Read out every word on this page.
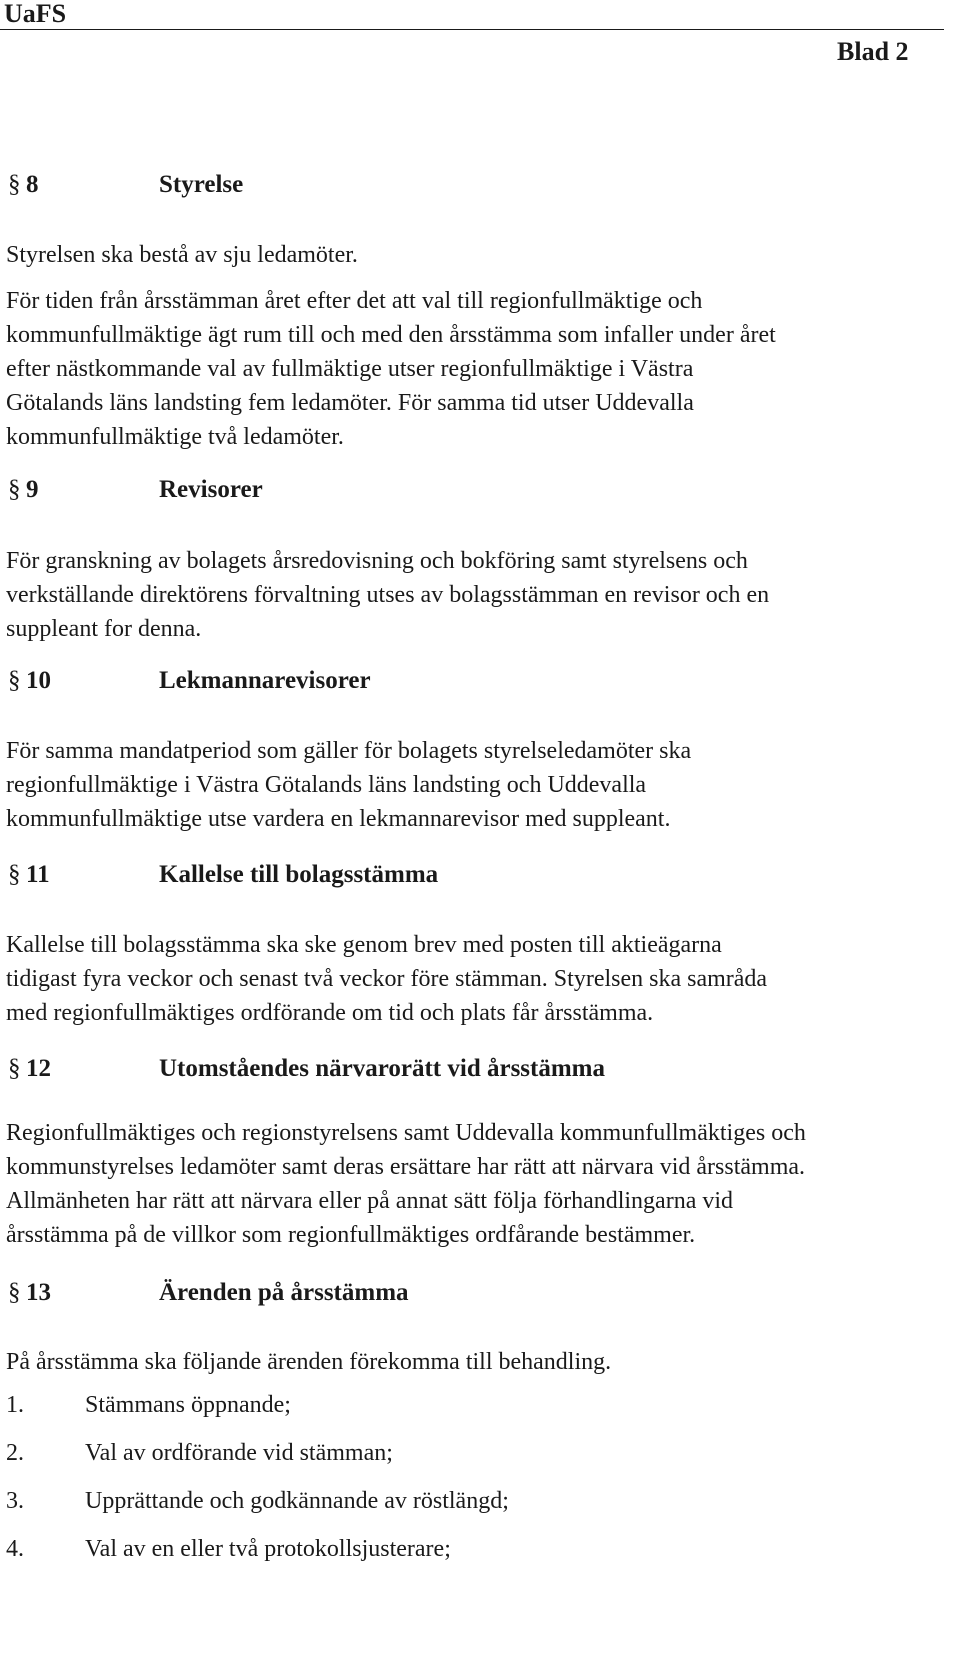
UaFS
Blad 2
§ 8	Styrelse
Styrelsen ska bestå av sju ledamöter.
För tiden från årsstämman året efter det att val till regionfullmäktige och
kommunfullmäktige ägt rum till och med den årsstämma som infaller under året
efter nästkommande val av fullmäktige utser regionfullmäktige i Västra
Götalands läns landsting fem ledamöter. För samma tid utser Uddevalla
kommunfullmäktige två ledamöter.
§ 9	Revisorer
För granskning av bolagets årsredovisning och bokföring samt styrelsens och
verkställande direktörens förvaltning utses av bolagsstämman en revisor och en
suppleant for denna.
§ 10	Lekmannarevisorer
För samma mandatperiod som gäller för bolagets styrelseledamöter ska
regionfullmäktige i Västra Götalands läns landsting och Uddevalla
kommunfullmäktige utse vardera en lekmannarevisor med suppleant.
§ 11	Kallelse till bolagsstämma
Kallelse till bolagsstämma ska ske genom brev med posten till aktieägarna
tidigast fyra veckor och senast två veckor före stämman. Styrelsen ska samråda
med regionfullmäktiges ordförande om tid och plats får årsstämma.
§ 12	Utomståendes närvarorätt vid årsstämma
Regionfullmäktiges och regionstyrelsens samt Uddevalla kommunfullmäktiges och
kommunstyrelses ledamöter samt deras ersättare har rätt att närvara vid årsstämma.
Allmänheten har rätt att närvara eller på annat sätt följa förhandlingarna vid
årsstämma på de villkor som regionfullmäktiges ordfårande bestämmer.
§ 13	Ärenden på årsstämma
På årsstämma ska följande ärenden förekomma till behandling.
1.	Stämmans öppnande;
2.	Val av ordförande vid stämman;
3.	Upprättande och godkännande av röstlängd;
4.	Val av en eller två protokollsjusterare;
